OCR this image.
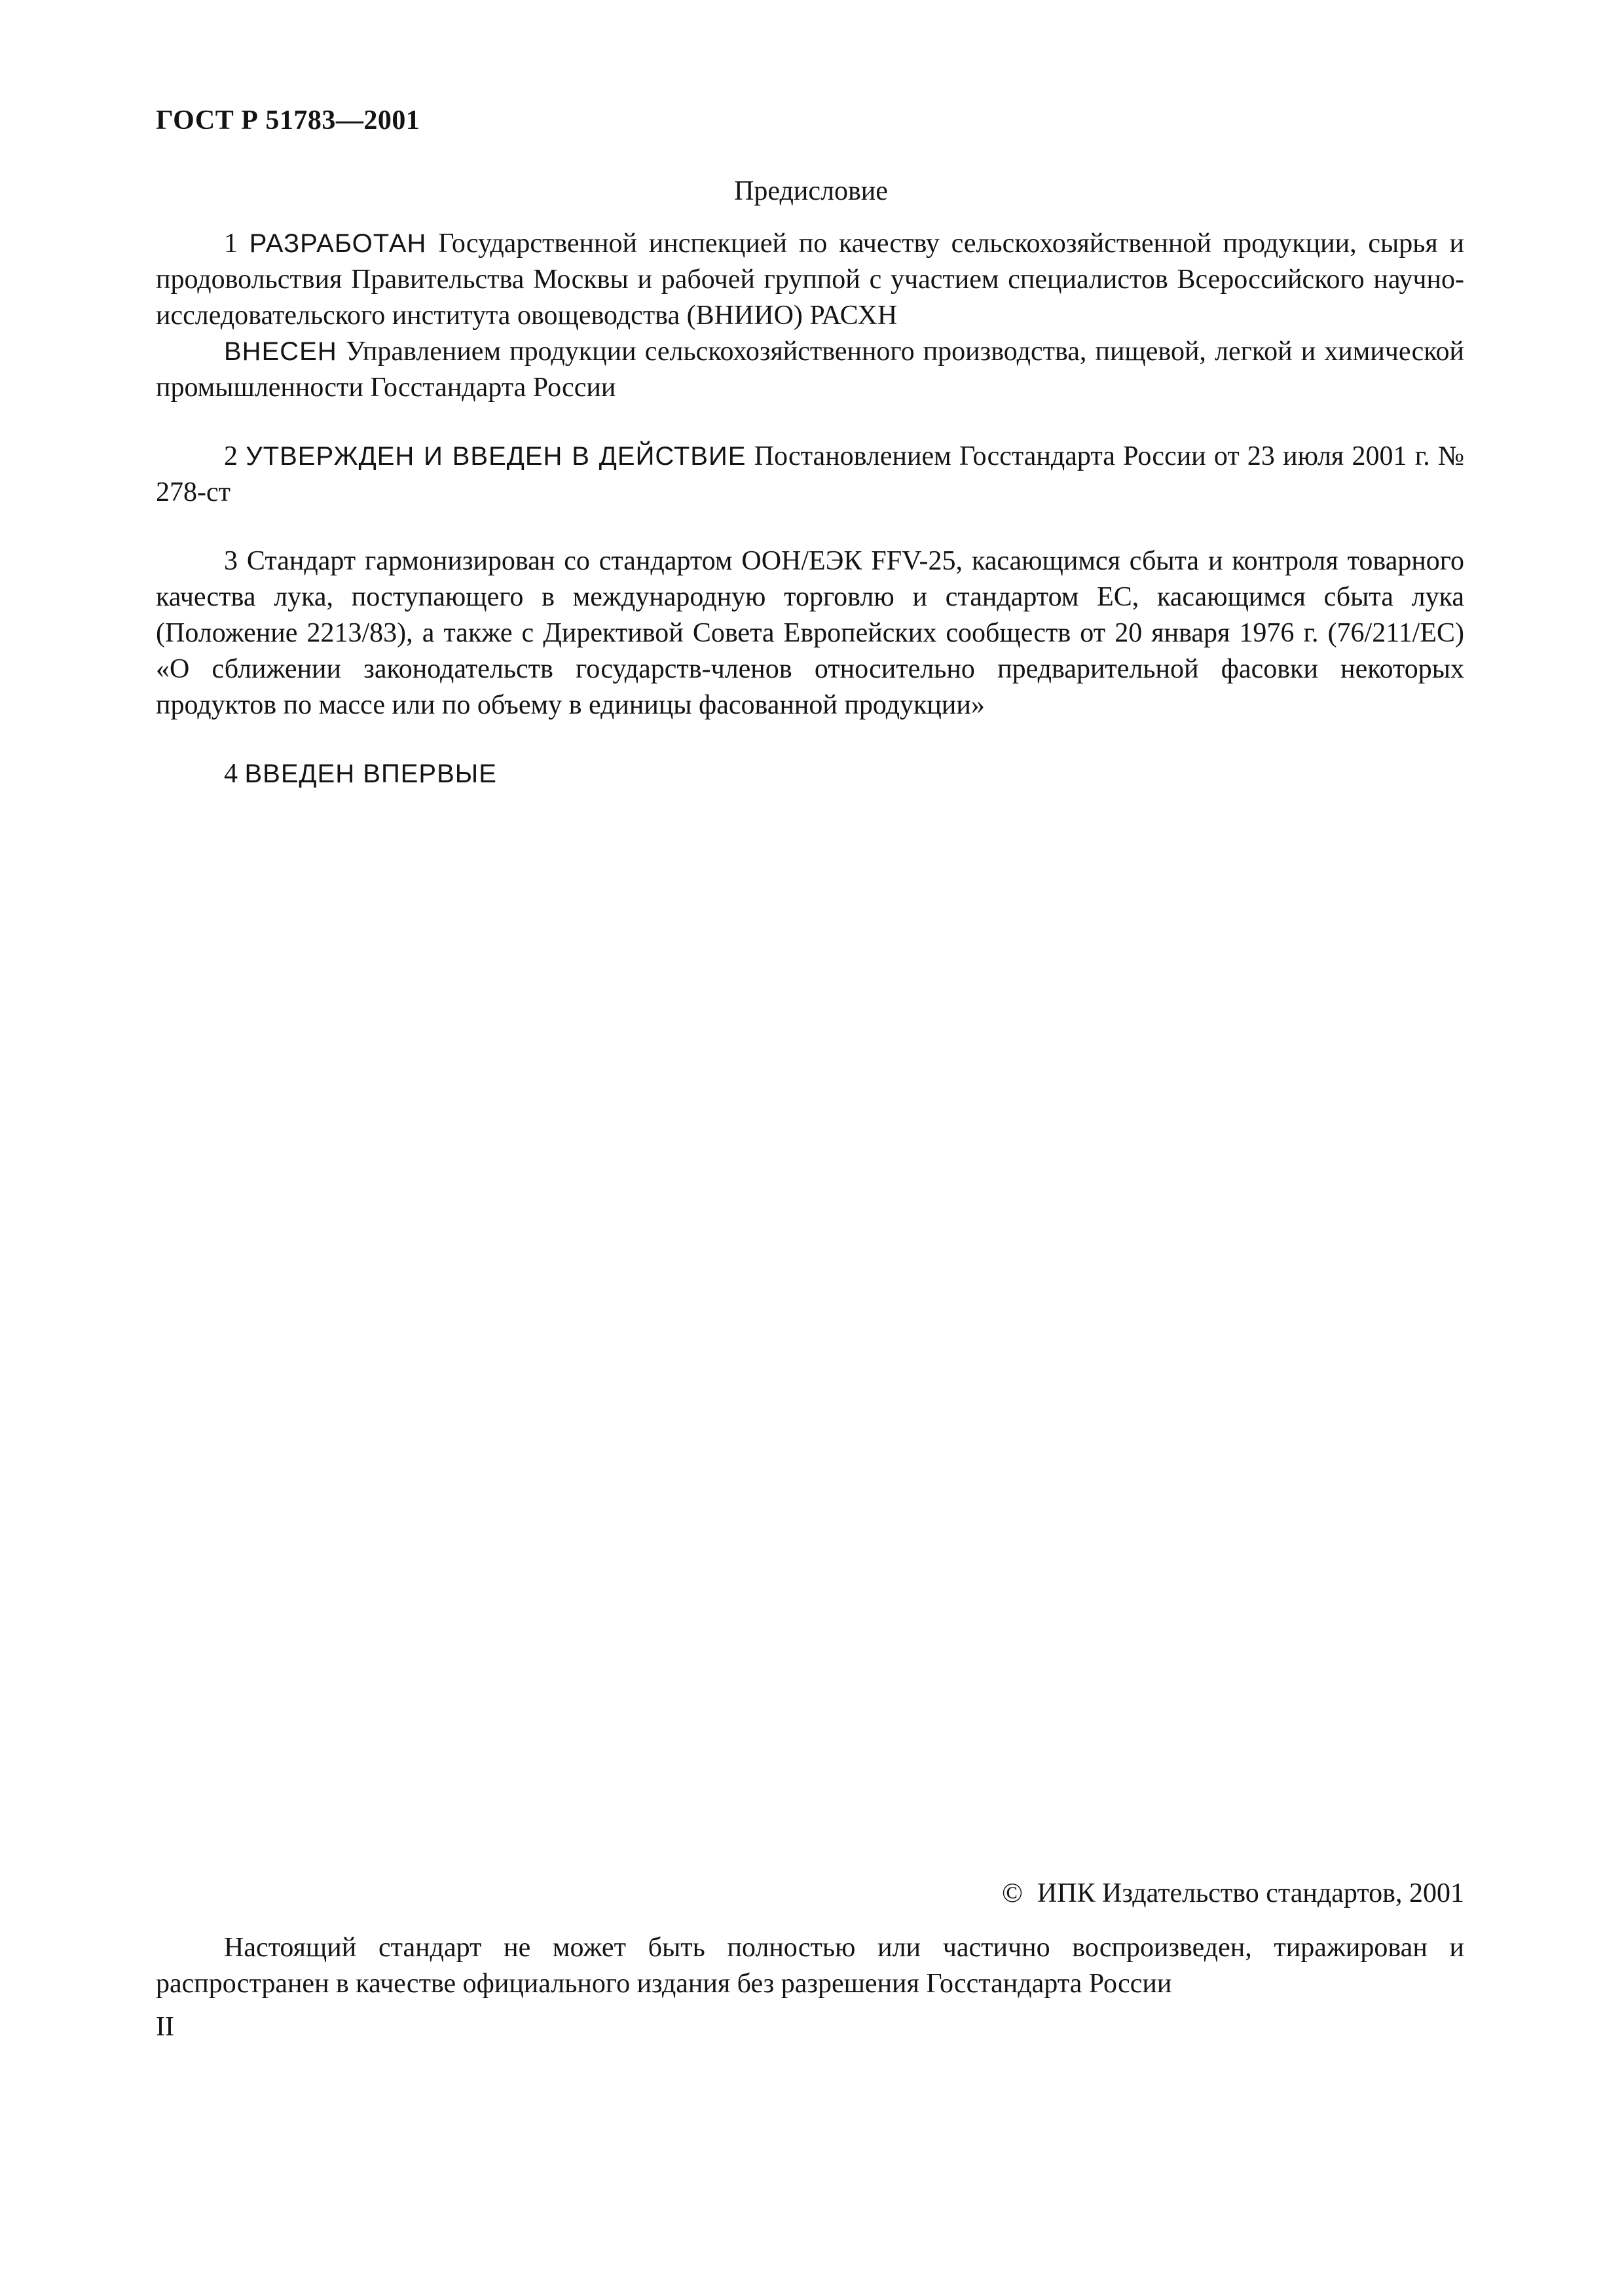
ГОСТ Р 51783—2001
Предисловие

1 РАЗРАБОТАН Государственной инспекцией по качеству сельскохозяйственной продукции, сырья и продовольствия Правительства Москвы и рабочей группой с участием специалистов Всероссийского научно-исследовательского института овощеводства (ВНИИО) РАСХН

ВНЕСЕН Управлением продукции сельскохозяйственного производства, пищевой, легкой и химической промышленности Госстандарта России

2 УТВЕРЖДЕН И ВВЕДЕН В ДЕЙСТВИЕ Постановлением Госстандарта России от 23 июля 2001 г. № 278-ст

3 Стандарт гармонизирован со стандартом ООН/ЕЭК FFV-25, касающимся сбыта и контроля товарного качества лука, поступающего в международную торговлю и стандартом ЕС, касающимся сбыта лука (Положение 2213/83), а также с Директивой Совета Европейских сообществ от 20 января 1976 г. (76/211/ЕС) «О сближении законодательств государств-членов относительно предварительной фасовки некоторых продуктов по массе или по объему в единицы фасованной продукции»

4 ВВЕДЕН ВПЕРВЫЕ

© ИПК Издательство стандартов, 2001

Настоящий стандарт не может быть полностью или частично воспроизведен, тиражирован и распространен в качестве официального издания без разрешения Госстандарта России

II
